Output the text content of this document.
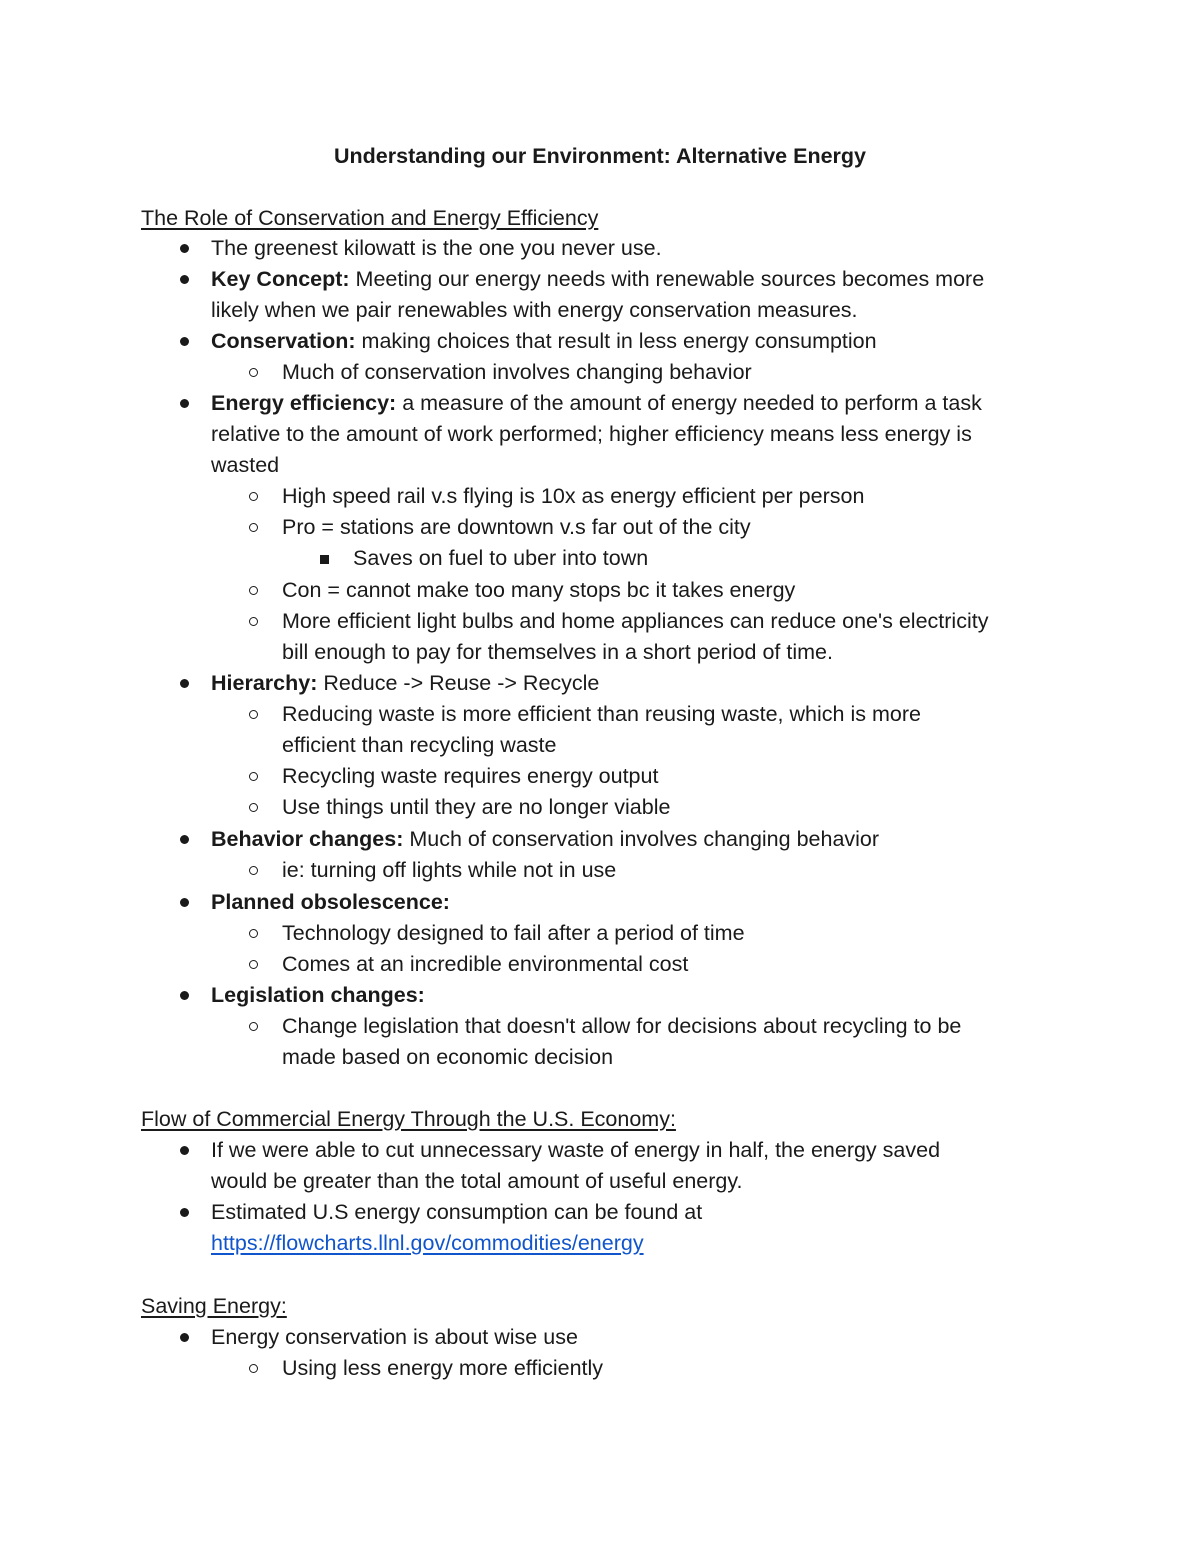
Understanding our Environment: Alternative Energy
The Role of Conservation and Energy Efficiency

The greenest kilowatt is the one you never use.

Key Concept: Meeting our energy needs with renewable sources becomes more

likely when we pair renewables with energy conservation measures.

Conservation: making choices that result in less energy consumption

Much of conservation involves changing behavior

Energy efficiency: a measure of the amount of energy needed to perform a task

relative to the amount of work performed; higher efficiency means less energy is

wasted

High speed rail v.s flying is 10x as energy efficient per person

Pro = stations are downtown v.s far out of the city

Saves on fuel to uber into town

Con = cannot make too many stops bc it takes energy

More efficient light bulbs and home appliances can reduce one's electricity

bill enough to pay for themselves in a short period of time.

Hierarchy: Reduce -> Reuse -> Recycle

Reducing waste is more efficient than reusing waste, which is more

efficient than recycling waste

Recycling waste requires energy output

Use things until they are no longer viable

Behavior changes: Much of conservation involves changing behavior

ie: turning off lights while not in use

Planned obsolescence:

Technology designed to fail after a period of time

Comes at an incredible environmental cost

Legislation changes:

Change legislation that doesn't allow for decisions about recycling to be

made based on economic decision

Flow of Commercial Energy Through the U.S. Economy:

If we were able to cut unnecessary waste of energy in half, the energy saved

would be greater than the total amount of useful energy.

Estimated U.S energy consumption can be found at

https://flowcharts.llnl.gov/commodities/energy

Saving Energy:

Energy conservation is about wise use

Using less energy more efficiently
